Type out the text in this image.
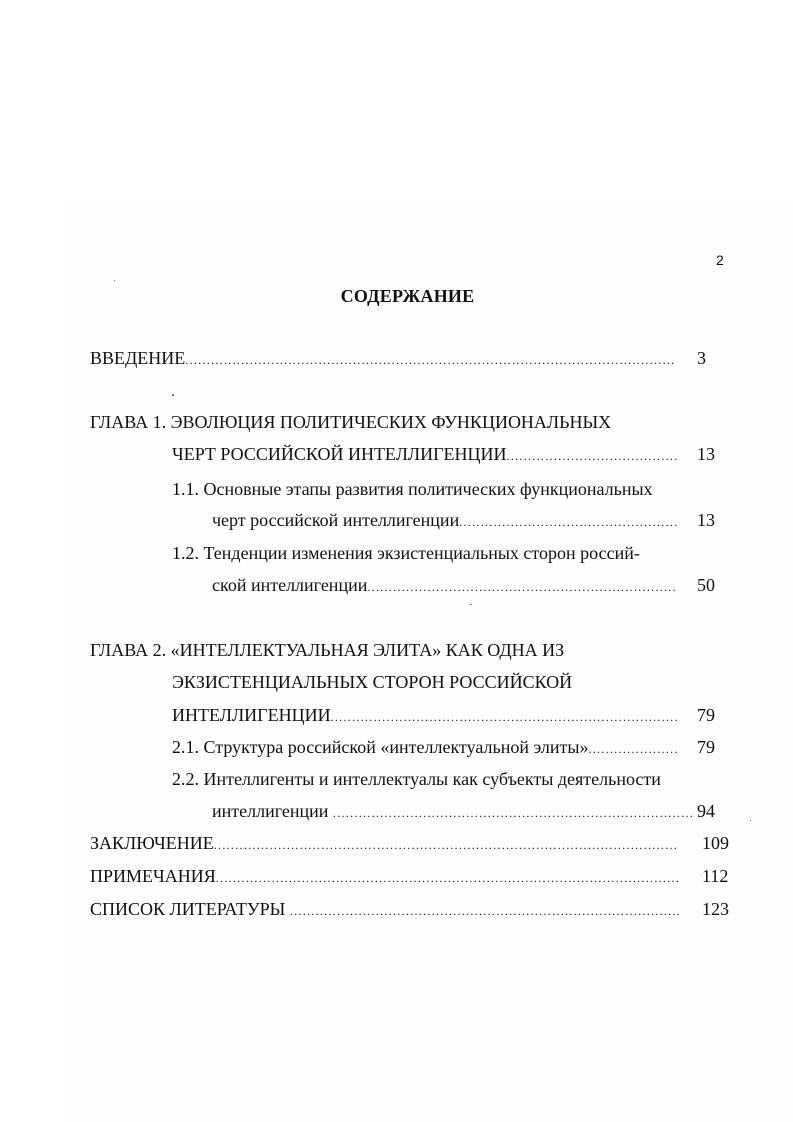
2
СОДЕРЖАНИЕ
ВВЕДЕНИЕ .....	3
ГЛАВА 1. ЭВОЛЮЦИЯ ПОЛИТИЧЕСКИХ ФУНКЦИОНАЛЬНЫХ
ЧЕРТ РОССИЙСКОЙ ИНТЕЛЛИГЕНЦИИ .....	13
1.1. Основные этапы развития политических функциональных
черт российской интеллигенции .....	13
1.2. Тенденции изменения экзистенциальных сторон россий-
ской интеллигенции .....	50
ГЛАВА 2. «ИНТЕЛЛЕКТУАЛЬНАЯ ЭЛИТА» КАК ОДНА ИЗ
ЭКЗИСТЕНЦИАЛЬНЫХ СТОРОН РОССИЙСКОЙ
ИНТЕЛЛИГЕНЦИИ .....	79
2.1. Структура российской «интеллектуальной элиты» .....	79
2.2. Интеллигенты и интеллектуалы как субъекты деятельности
интеллигенции .....	94
ЗАКЛЮЧЕНИЕ .....	109
ПРИМЕЧАНИЯ .....	112
СПИСОК ЛИТЕРАТУРЫ .....	123
